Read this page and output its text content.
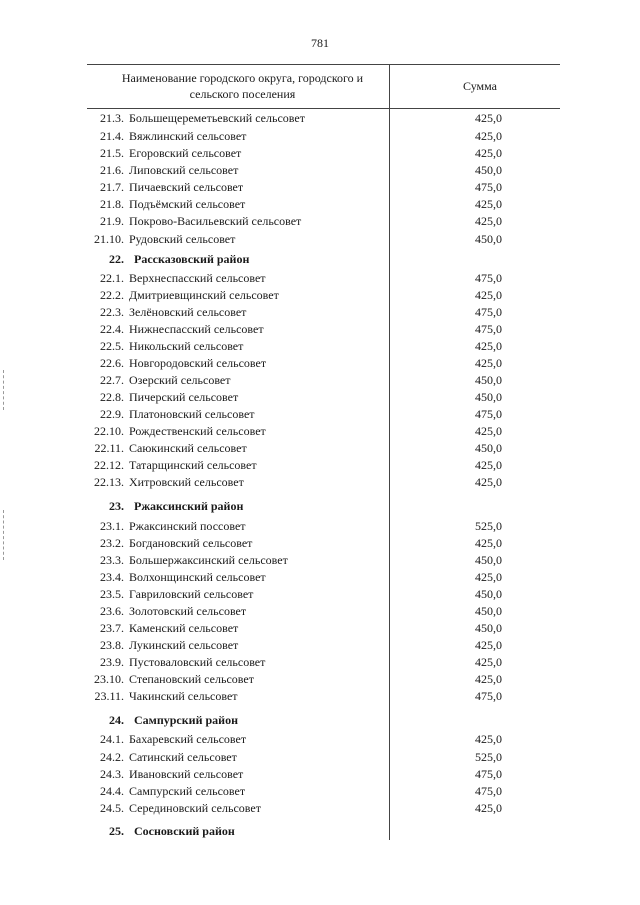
781
Наименование городского округа, городского и
сельского поселения
Сумма
21.3. Большещереметьевский сельсовет	425,0
21.4. Вяжлинский сельсовет	425,0
21.5. Егоровский сельсовет	425,0
21.6. Липовский сельсовет	450,0
21.7. Пичаевский сельсовет	475,0
21.8. Подъёмский сельсовет	425,0
21.9. Покрово-Васильевский сельсовет	425,0
21.10. Рудовский сельсовет	450,0
22. Рассказовский район
22.1. Верхнеспасский сельсовет	475,0
22.2. Дмитриевщинский сельсовет	425,0
22.3. Зелёновский сельсовет	475,0
22.4. Нижнеспасский сельсовет	475,0
22.5. Никольский сельсовет	425,0
22.6. Новгородовский сельсовет	425,0
22.7. Озерский сельсовет	450,0
22.8. Пичерский сельсовет	450,0
22.9. Платоновский сельсовет	475,0
22.10. Рождественский сельсовет	425,0
22.11. Саюкинский сельсовет	450,0
22.12. Татарщинский сельсовет	425,0
22.13. Хитровский сельсовет	425,0
23. Ржаксинский район
23.1. Ржаксинский поссовет	525,0
23.2. Богдановский сельсовет	425,0
23.3. Большержаксинский сельсовет	450,0
23.4. Волхонщинский сельсовет	425,0
23.5. Гавриловский сельсовет	450,0
23.6. Золотовский сельсовет	450,0
23.7. Каменский сельсовет	450,0
23.8. Лукинский сельсовет	425,0
23.9. Пустоваловский сельсовет	425,0
23.10. Степановский сельсовет	425,0
23.11. Чакинский сельсовет	475,0
24. Сампурский район
24.1. Бахаревский сельсовет	425,0
24.2. Сатинский сельсовет	525,0
24.3. Ивановский сельсовет	475,0
24.4. Сампурский сельсовет	475,0
24.5. Серединовский сельсовет	425,0
25. Сосновский район
